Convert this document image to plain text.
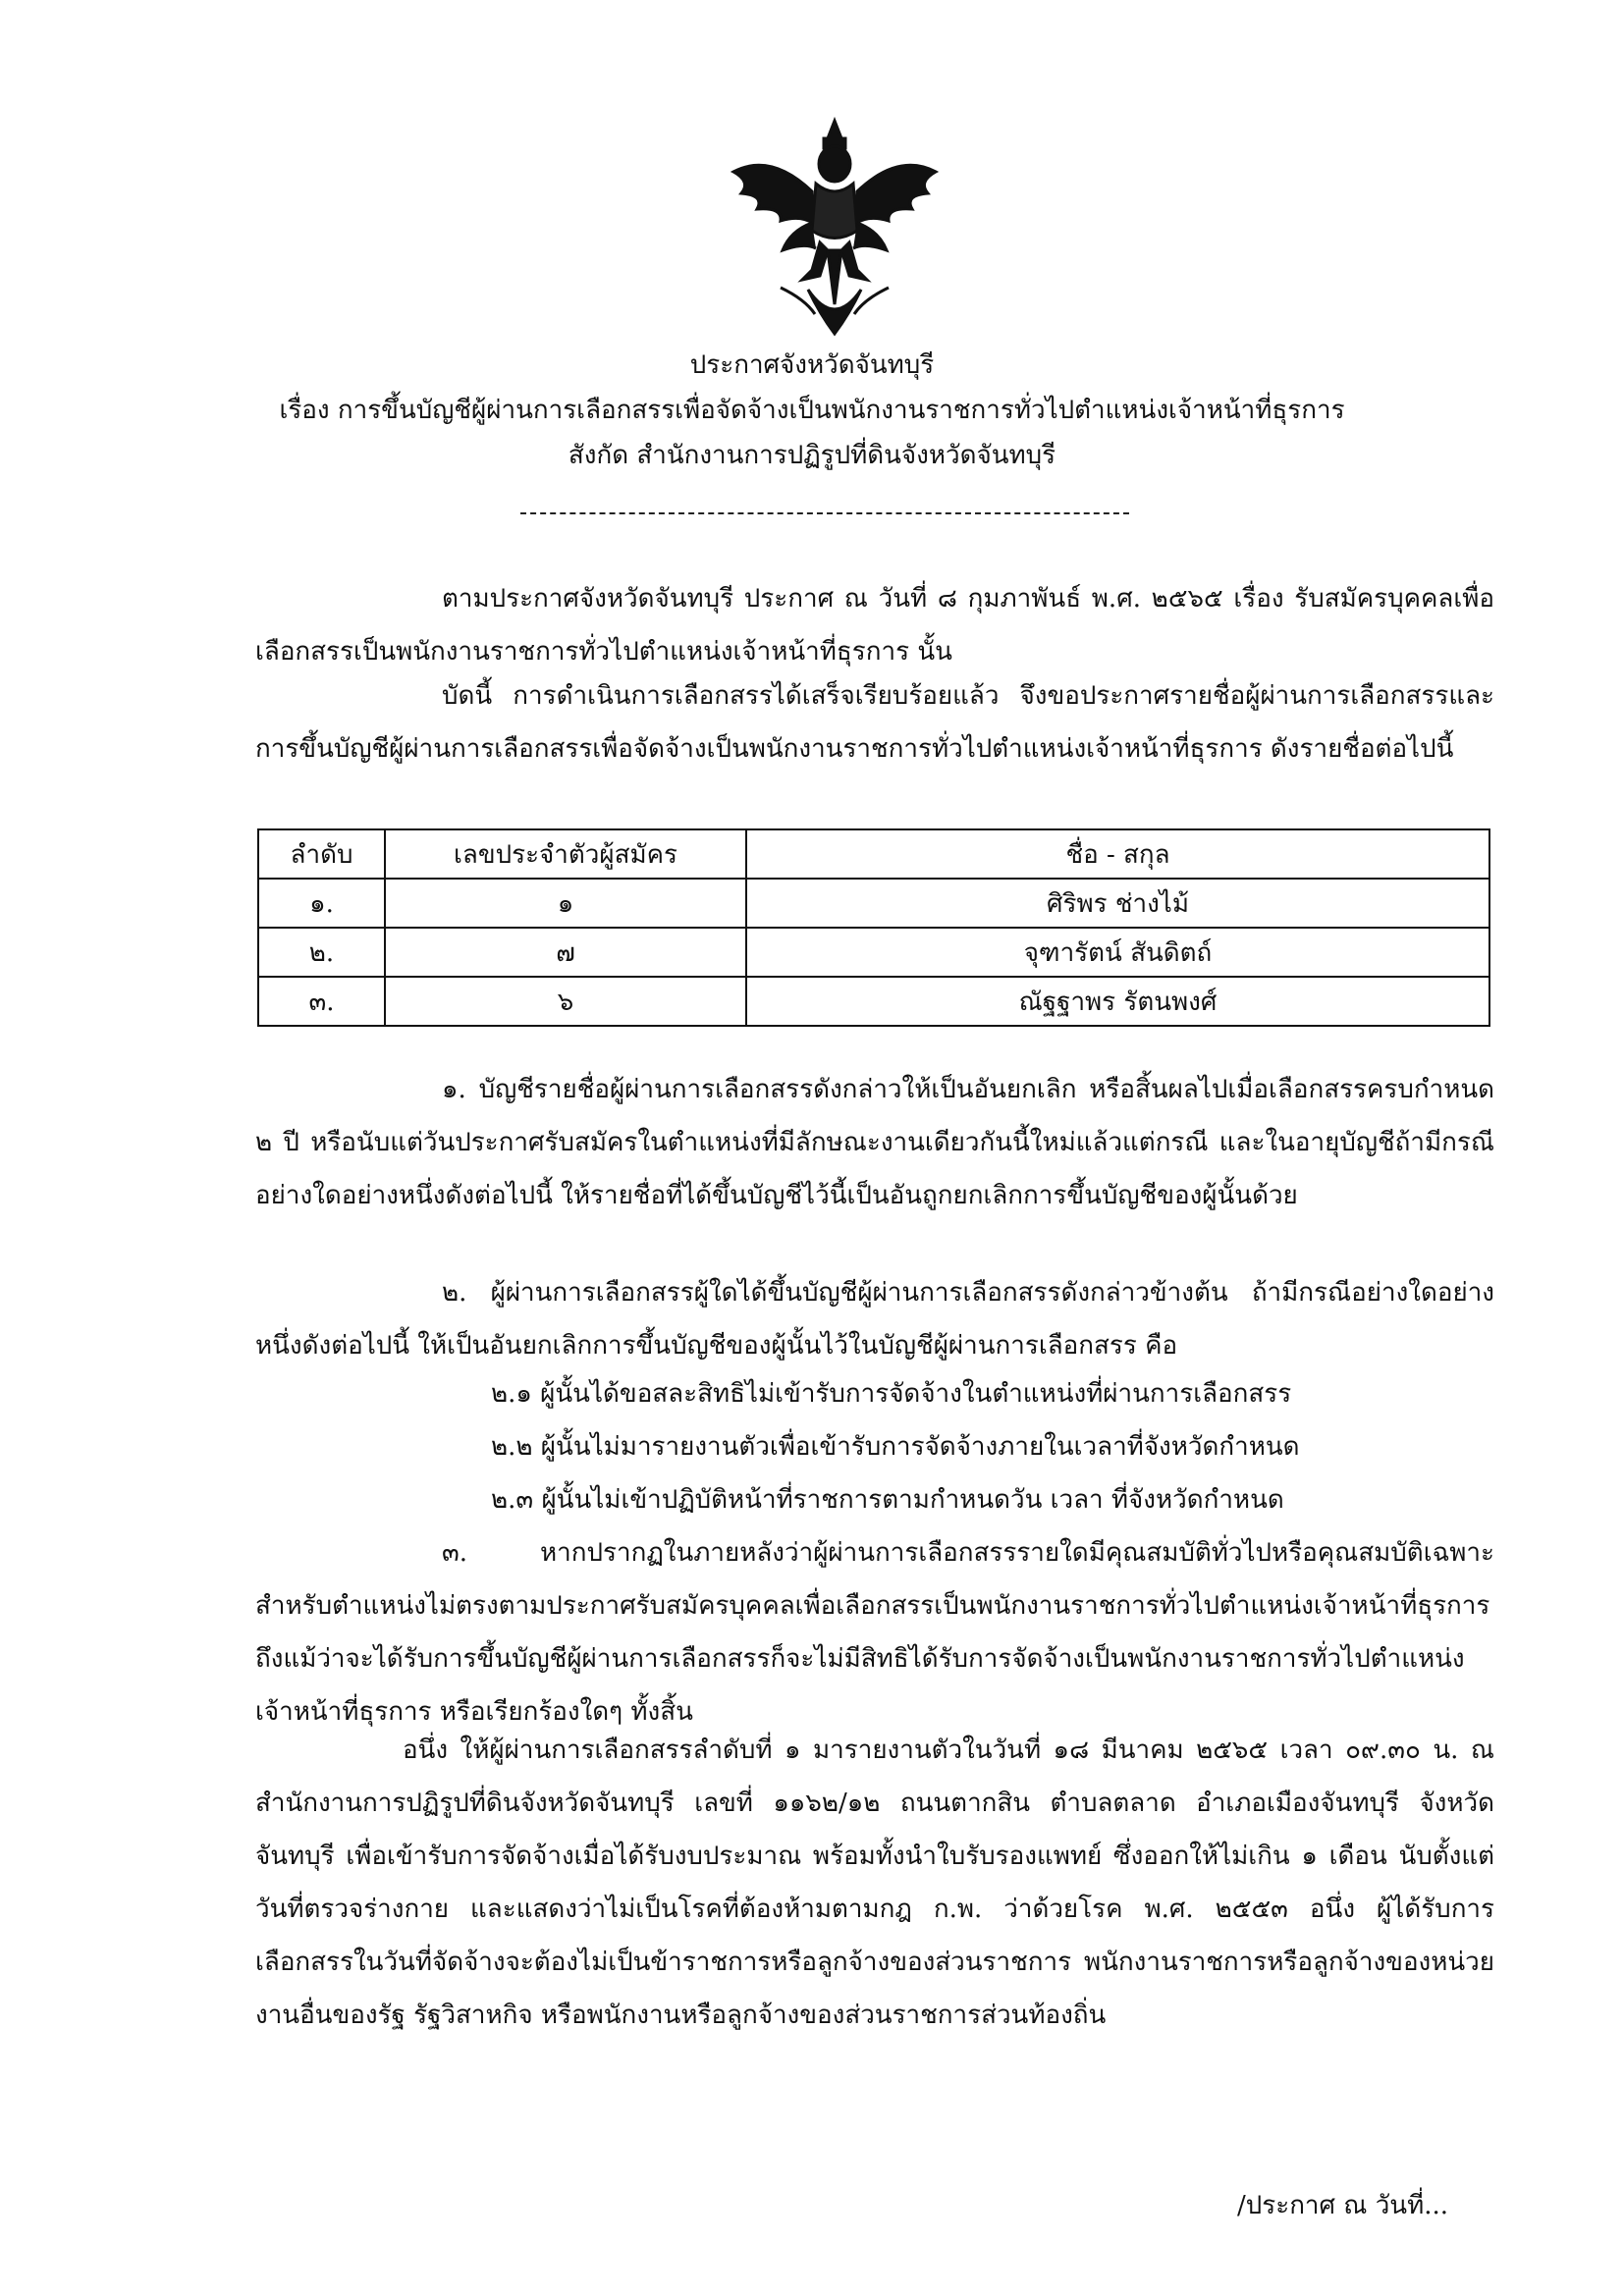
ประกาศจังหวัดจันทบุรี
เรื่อง การขึ้นบัญชีผู้ผ่านการเลือกสรรเพื่อจัดจ้างเป็นพนักงานราชการทั่วไปตำแหน่งเจ้าหน้าที่ธุรการ
สังกัด สำนักงานการปฏิรูปที่ดินจังหวัดจันทบุรี

ตามประกาศจังหวัดจันทบุรี ประกาศ ณ วันที่ ๘ กุมภาพันธ์ พ.ศ. ๒๕๖๕ เรื่อง รับสมัครบุคคลเพื่อเลือกสรรเป็นพนักงานราชการทั่วไปตำแหน่งเจ้าหน้าที่ธุรการ นั้น

บัดนี้ การดำเนินการเลือกสรรได้เสร็จเรียบร้อยแล้ว จึงขอประกาศรายชื่อผู้ผ่านการเลือกสรรและการขึ้นบัญชีผู้ผ่านการเลือกสรรเพื่อจัดจ้างเป็นพนักงานราชการทั่วไปตำแหน่งเจ้าหน้าที่ธุรการ ดังรายชื่อต่อไปนี้

ลำดับ	เลขประจำตัวผู้สมัคร	ชื่อ - สกุล
๑.	๑	ศิริพร ช่างไม้
๒.	๗	จุฑารัตน์ สันดิตถ์
๓.	๖	ณัฐฐาพร รัตนพงศ์

๑. บัญชีรายชื่อผู้ผ่านการเลือกสรรดังกล่าวให้เป็นอันยกเลิก หรือสิ้นผลไปเมื่อเลือกสรรครบกำหนด ๒ ปี หรือนับแต่วันประกาศรับสมัครในตำแหน่งที่มีลักษณะงานเดียวกันนี้ใหม่แล้วแต่กรณี และในอายุบัญชีถ้ามีกรณีอย่างใดอย่างหนึ่งดังต่อไปนี้ ให้รายชื่อที่ได้ขึ้นบัญชีไว้นี้เป็นอันถูกยกเลิกการขึ้นบัญชีของผู้นั้นด้วย

๒. ผู้ผ่านการเลือกสรรผู้ใดได้ขึ้นบัญชีผู้ผ่านการเลือกสรรดังกล่าวข้างต้น ถ้ามีกรณีอย่างใดอย่างหนึ่งดังต่อไปนี้ ให้เป็นอันยกเลิกการขึ้นบัญชีของผู้นั้นไว้ในบัญชีผู้ผ่านการเลือกสรร คือ

๒.๑ ผู้นั้นได้ขอสละสิทธิไม่เข้ารับการจัดจ้างในตำแหน่งที่ผ่านการเลือกสรร
๒.๒ ผู้นั้นไม่มารายงานตัวเพื่อเข้ารับการจัดจ้างภายในเวลาที่จังหวัดกำหนด
๒.๓ ผู้นั้นไม่เข้าปฏิบัติหน้าที่ราชการตามกำหนดวัน เวลา ที่จังหวัดกำหนด

๓. หากปรากฏในภายหลังว่าผู้ผ่านการเลือกสรรรายใดมีคุณสมบัติทั่วไปหรือคุณสมบัติเฉพาะสำหรับตำแหน่งไม่ตรงตามประกาศรับสมัครบุคคลเพื่อเลือกสรรเป็นพนักงานราชการทั่วไปตำแหน่งเจ้าหน้าที่ธุรการ ถึงแม้ว่าจะได้รับการขึ้นบัญชีผู้ผ่านการเลือกสรรก็จะไม่มีสิทธิได้รับการจัดจ้างเป็นพนักงานราชการทั่วไปตำแหน่งเจ้าหน้าที่ธุรการ หรือเรียกร้องใดๆ ทั้งสิ้น

อนึ่ง ให้ผู้ผ่านการเลือกสรรลำดับที่ ๑ มารายงานตัวในวันที่ ๑๘ มีนาคม ๒๕๖๕ เวลา ๐๙.๓๐ น. ณ สำนักงานการปฏิรูปที่ดินจังหวัดจันทบุรี เลขที่ ๑๑๖๒/๑๒ ถนนตากสิน ตำบลตลาด อำเภอเมืองจันทบุรี จังหวัดจันทบุรี เพื่อเข้ารับการจัดจ้างเมื่อได้รับงบประมาณ พร้อมทั้งนำใบรับรองแพทย์ ซึ่งออกให้ไม่เกิน ๑ เดือน นับตั้งแต่วันที่ตรวจร่างกาย และแสดงว่าไม่เป็นโรคที่ต้องห้ามตามกฎ ก.พ. ว่าด้วยโรค พ.ศ. ๒๕๕๓ อนึ่ง ผู้ได้รับการเลือกสรรในวันที่จัดจ้างจะต้องไม่เป็นข้าราชการหรือลูกจ้างของส่วนราชการ พนักงานราชการหรือลูกจ้างของหน่วยงานอื่นของรัฐ รัฐวิสาหกิจ หรือพนักงานหรือลูกจ้างของส่วนราชการส่วนท้องถิ่น

/ประกาศ ณ วันที่...
